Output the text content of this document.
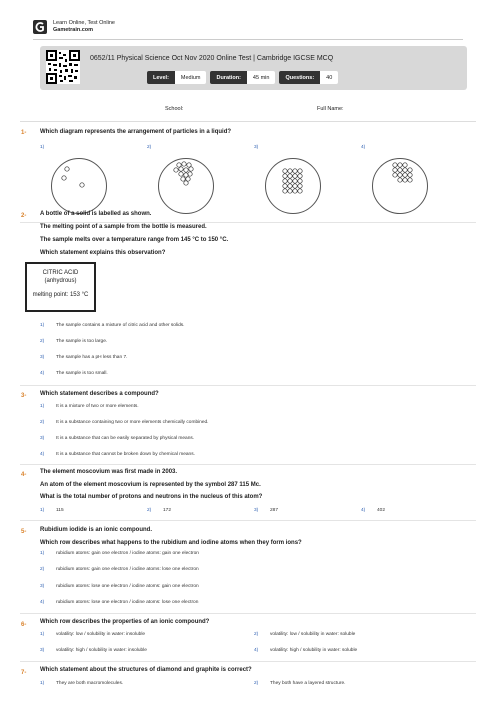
Learn Online, Test Online
Gametrain.com
0652/11 Physical Science Oct Nov 2020 Online Test | Cambridge IGCSE MCQ
Level:	Medium	Duration:	45 min	Questions:	40
School:	Full Name:
1- Which diagram represents the arrangement of particles in a liquid?
1)	2)	3)	4)
2- A bottle of a solid is labelled as shown.
The melting point of a sample from the bottle is measured.
The sample melts over a temperature range from 145 °C to 150 °C.
Which statement explains this observation?
CITRIC ACID
(anhydrous)
melting point: 153 °C
1)	The sample contains a mixture of citric acid and other solids.
2)	The sample is too large.
3)	The sample has a pH less than 7.
4)	The sample is too small.
3- Which statement describes a compound?
1)	It is a mixture of two or more elements.
2)	It is a substance containing two or more elements chemically combined.
3)	It is a substance that can be easily separated by physical means.
4)	It is a substance that cannot be broken down by chemical means.
4- The element moscovium was first made in 2003.
An atom of the element moscovium is represented by the symbol 287 115 Mc.
What is the total number of protons and neutrons in the nucleus of this atom?
1)	115	2)	172	3)	287	4)	402
5- Rubidium iodide is an ionic compound.
Which row describes what happens to the rubidium and iodine atoms when they form ions?
1)	rubidium atoms: gain one electron / iodine atoms: gain one electron
2)	rubidium atoms: gain one electron / iodine atoms: lose one electron
3)	rubidium atoms: lose one electron / iodine atoms: gain one electron
4)	rubidium atoms: lose one electron / iodine atoms: lose one electron
6- Which row describes the properties of an ionic compound?
1)	volatility: low / solubility in water: insoluble	2)	volatility: low / solubility in water: soluble
3)	volatility: high / solubility in water: insoluble	4)	volatility: high / solubility in water: soluble
7- Which statement about the structures of diamond and graphite is correct?
1)	They are both macromolecules.	2)	They both have a layered structure.
